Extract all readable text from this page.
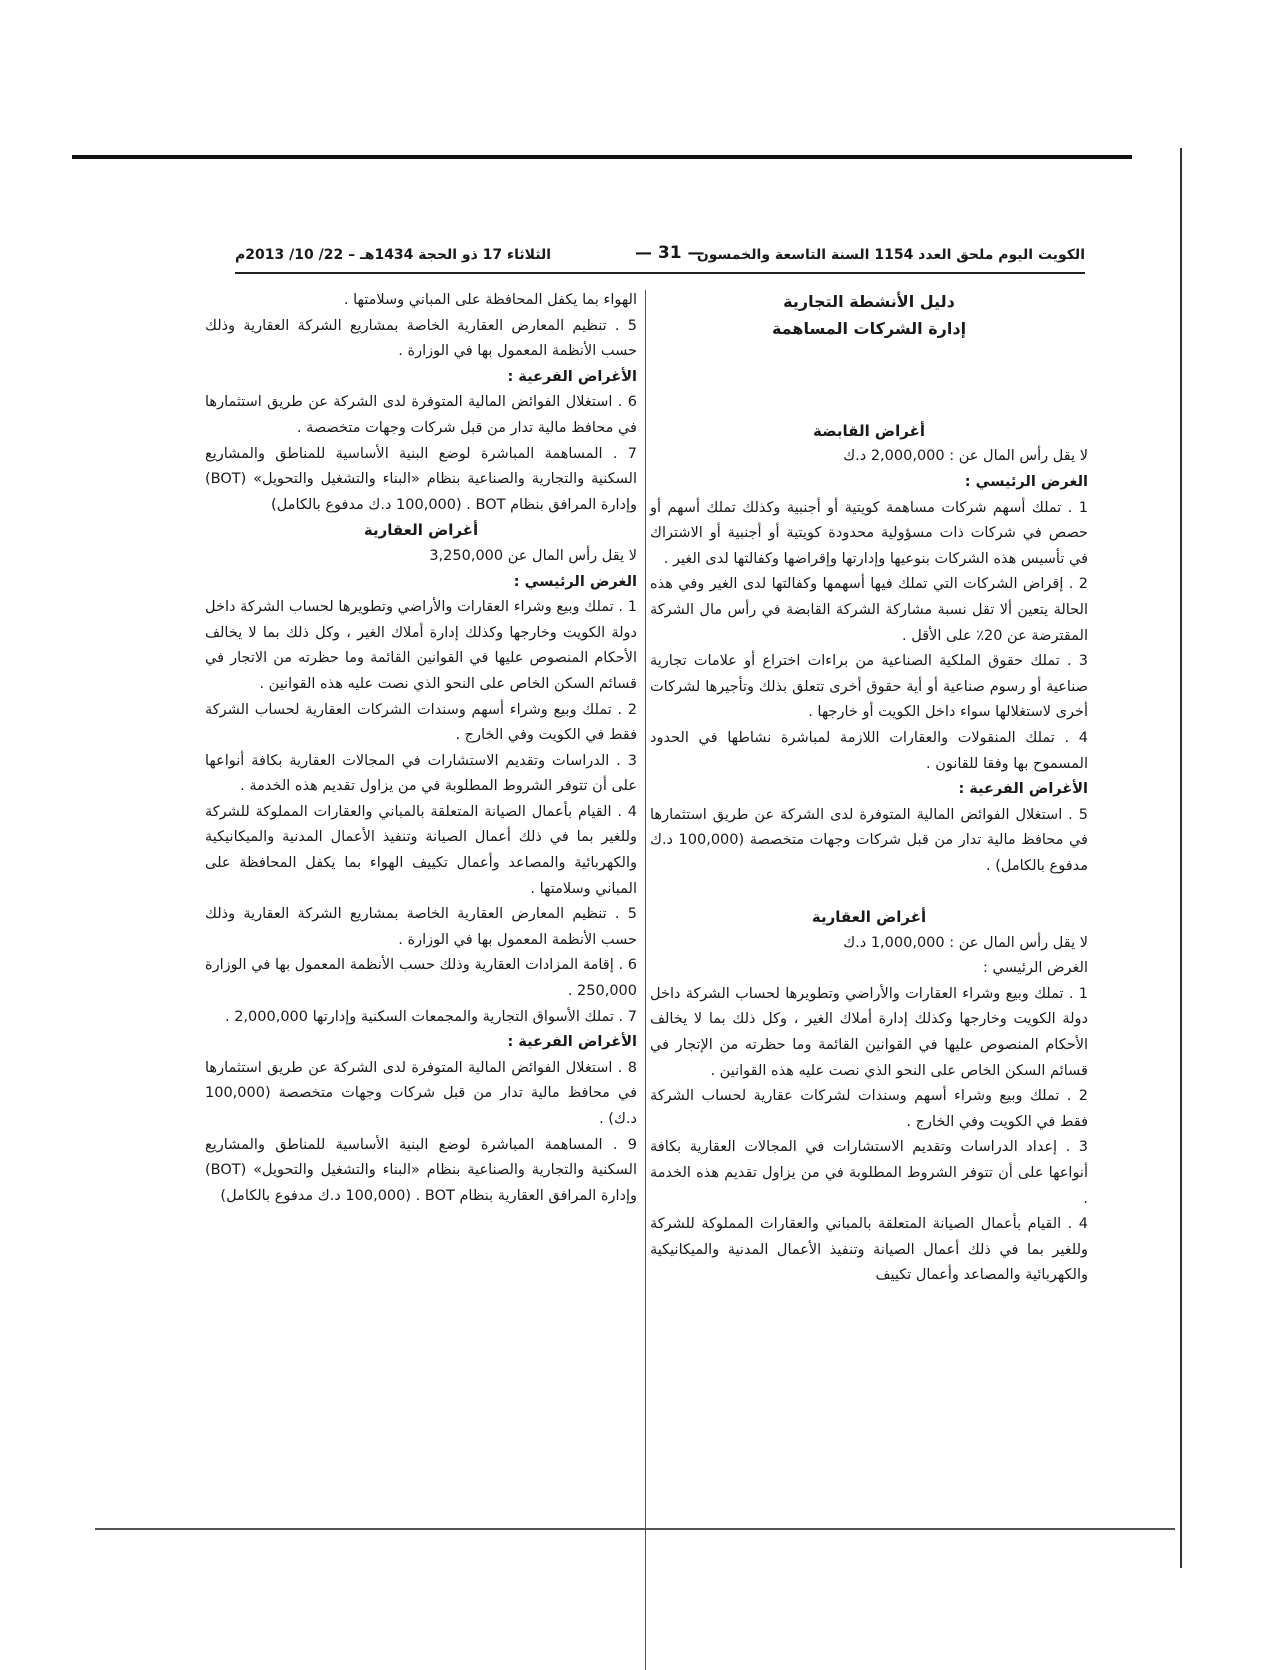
الكويت اليوم ملحق العدد 1154 السنة التاسعة والخمسون
— 31 —
الثلاثاء 17 ذو الحجة 1434هـ – 22/ 10/ 2013م

دليل الأنشطة التجارية

إدارة الشركات المساهمة

أغراض القابضة

لا يقل رأس المال عن : 2,000,000 د.ك

الغرض الرئيسي :

1 . تملك أسهم شركات مساهمة كويتية أو أجنبية وكذلك تملك أسهم أو حصص في شركات ذات مسؤولية محدودة كويتية أو أجنبية أو الاشتراك في تأسيس هذه الشركات بنوعيها وإدارتها وإقراضها وكفالتها لدى الغير .

2 . إقراض الشركات التي تملك فيها أسهمها وكفالتها لدى الغير وفي هذه الحالة يتعين ألا تقل نسبة مشاركة الشركة القابضة في رأس مال الشركة المقترضة عن 20٪ على الأقل .

3 . تملك حقوق الملكية الصناعية من براءات اختراع أو علامات تجارية صناعية أو رسوم صناعية أو أية حقوق أخرى تتعلق بذلك وتأجيرها لشركات أخرى لاستغلالها سواء داخل الكويت أو خارجها .

4 . تملك المنقولات والعقارات اللازمة لمباشرة نشاطها في الحدود المسموح بها وفقا للقانون .

الأغراض الفرعية :

5 . استغلال الفوائض المالية المتوفرة لدى الشركة عن طريق استثمارها في محافظ مالية تدار من قبل شركات وجهات متخصصة (100,000 د.ك مدفوع بالكامل) .

أغراض العقارية

لا يقل رأس المال عن : 1,000,000 د.ك

الغرض الرئيسي :

1 . تملك وبيع وشراء العقارات والأراضي وتطويرها لحساب الشركة داخل دولة الكويت وخارجها وكذلك إدارة أملاك الغير ، وكل ذلك بما لا يخالف الأحكام المنصوص عليها في القوانين القائمة وما حظرته من الإتجار في قسائم السكن الخاص على النحو الذي نصت عليه هذه القوانين .

2 . تملك وبيع وشراء أسهم وسندات لشركات عقارية لحساب الشركة فقط في الكويت وفي الخارج .

3 . إعداد الدراسات وتقديم الاستشارات في المجالات العقارية بكافة أنواعها على أن تتوفر الشروط المطلوبة في من يزاول تقديم هذه الخدمة .

4 . القيام بأعمال الصيانة المتعلقة بالمباني والعقارات المملوكة للشركة وللغير بما في ذلك أعمال الصيانة وتنفيذ الأعمال المدنية والميكانيكية والكهربائية والمصاعد وأعمال تكييف

الهواء بما يكفل المحافظة على المباني وسلامتها .

5 . تنظيم المعارض العقارية الخاصة بمشاريع الشركة العقارية وذلك حسب الأنظمة المعمول بها في الوزارة .

الأغراض الفرعية :

6 . استغلال الفوائض المالية المتوفرة لدى الشركة عن طريق استثمارها في محافظ مالية تدار من قبل شركات وجهات متخصصة .

7 . المساهمة المباشرة لوضع البنية الأساسية للمناطق والمشاريع السكنية والتجارية والصناعية بنظام «البناء والتشغيل والتحويل» (BOT) وإدارة المرافق بنظام BOT . (100,000 د.ك مدفوع بالكامل)

أغراض العقارية

لا يقل رأس المال عن 3,250,000

الغرض الرئيسي :

1 . تملك وبيع وشراء العقارات والأراضي وتطويرها لحساب الشركة داخل دولة الكويت وخارجها وكذلك إدارة أملاك الغير ، وكل ذلك بما لا يخالف الأحكام المنصوص عليها في القوانين القائمة وما حظرته من الاتجار في قسائم السكن الخاص على النحو الذي نصت عليه هذه القوانين .

2 . تملك وبيع وشراء أسهم وسندات الشركات العقارية لحساب الشركة فقط في الكويت وفي الخارج .

3 . الدراسات وتقديم الاستشارات في المجالات العقارية بكافة أنواعها على أن تتوفر الشروط المطلوبة في من يزاول تقديم هذه الخدمة .

4 . القيام بأعمال الصيانة المتعلقة بالمباني والعقارات المملوكة للشركة وللغير بما في ذلك أعمال الصيانة وتنفيذ الأعمال المدنية والميكانيكية والكهربائية والمصاعد وأعمال تكييف الهواء بما يكفل المحافظة على المباني وسلامتها .

5 . تنظيم المعارض العقارية الخاصة بمشاريع الشركة العقارية وذلك حسب الأنظمة المعمول بها في الوزارة .

6 . إقامة المزادات العقارية وذلك حسب الأنظمة المعمول بها في الوزارة 250,000 .

7 . تملك الأسواق التجارية والمجمعات السكنية وإدارتها 2,000,000 .

الأغراض الفرعية :

8 . استغلال الفوائض المالية المتوفرة لدى الشركة عن طريق استثمارها في محافظ مالية تدار من قبل شركات وجهات متخصصة (100,000 د.ك) .

9 . المساهمة المباشرة لوضع البنية الأساسية للمناطق والمشاريع السكنية والتجارية والصناعية بنظام «البناء والتشغيل والتحويل» (BOT) وإدارة المرافق العقارية بنظام BOT . (100,000 د.ك مدفوع بالكامل)
